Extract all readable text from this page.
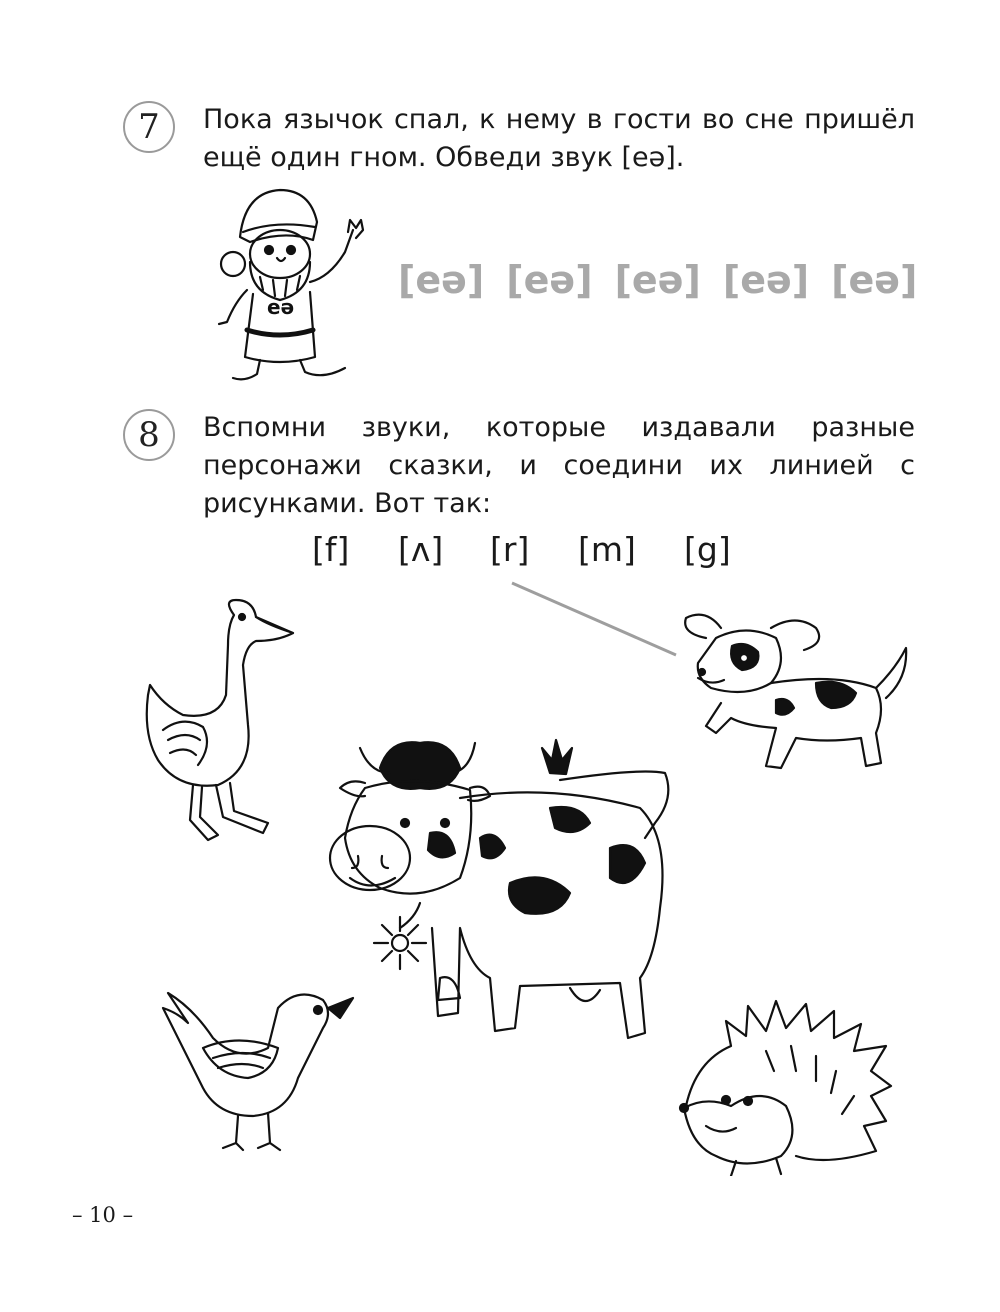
7	Пока язычок спал, к нему в гости во сне пришёл ещё один гном. Обведи звук [eə].

eə
[eə] [eə] [eə] [eə] [eə]
8	Вспомни звуки, которые издавали разные персонажи сказки, и соедини их линией с рисунками. Вот так:

[f] [ʌ] [r] [m] [g]
– 10 –
